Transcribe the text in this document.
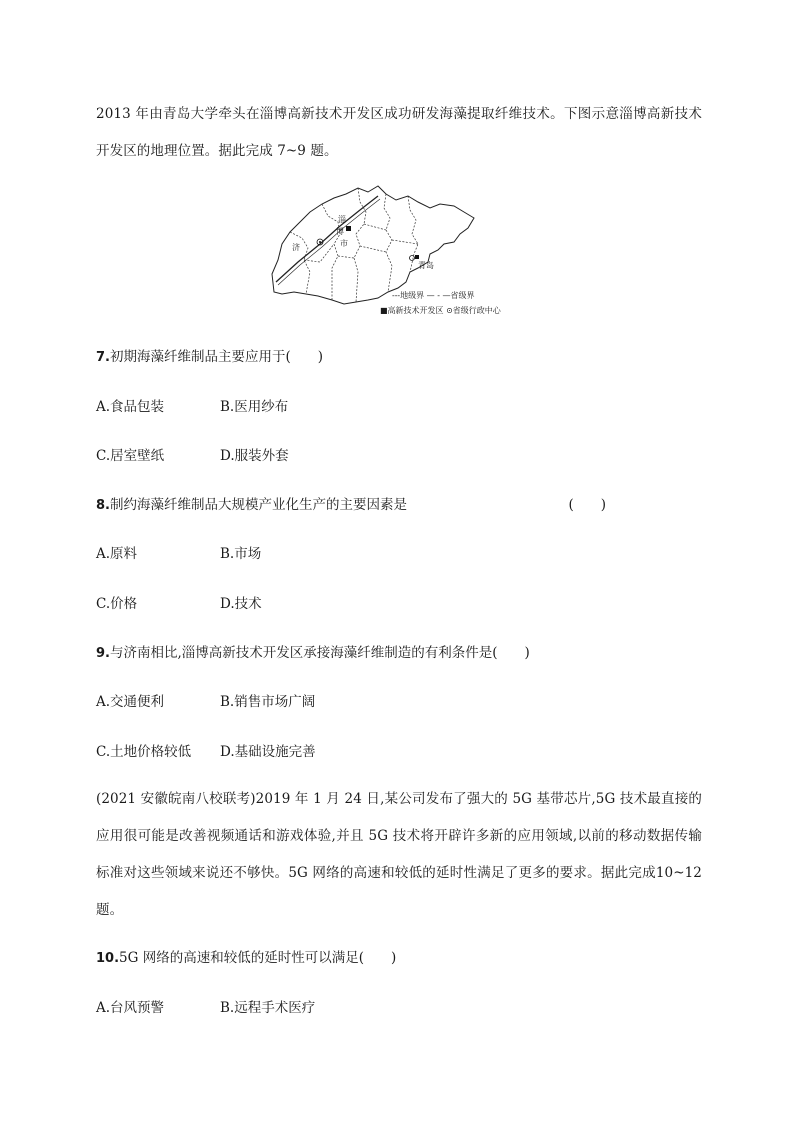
2013 年由青岛大学牵头在淄博高新技术开发区成功研发海藻提取纤维技术。下图示意淄博高新技术开发区的地理位置。据此完成 7~9 题。

淄
博
市
济
青岛
---地级界 — - —省级界
■高新技术开发区 ⊙省级行政中心

7.初期海藻纤维制品主要应用于(　　)

A.食品包装	B.医用纱布
C.居室壁纸	D.服装外套

8.制约海藻纤维制品大规模产业化生产的主要因素是	(　　)

A.原料	B.市场
C.价格	D.技术

9.与济南相比,淄博高新技术开发区承接海藻纤维制造的有利条件是(　　)

A.交通便利	B.销售市场广阔
C.土地价格较低 D.基础设施完善

(2021 安徽皖南八校联考)2019 年 1 月 24 日,某公司发布了强大的 5G 基带芯片,5G 技术最直接的应用很可能是改善视频通话和游戏体验,并且 5G 技术将开辟许多新的应用领域,以前的移动数据传输标准对这些领域来说还不够快。5G 网络的高速和较低的延时性满足了更多的要求。据此完成10~12 题。

10.5G 网络的高速和较低的延时性可以满足(　　)

A.台风预警	B.远程手术医疗
